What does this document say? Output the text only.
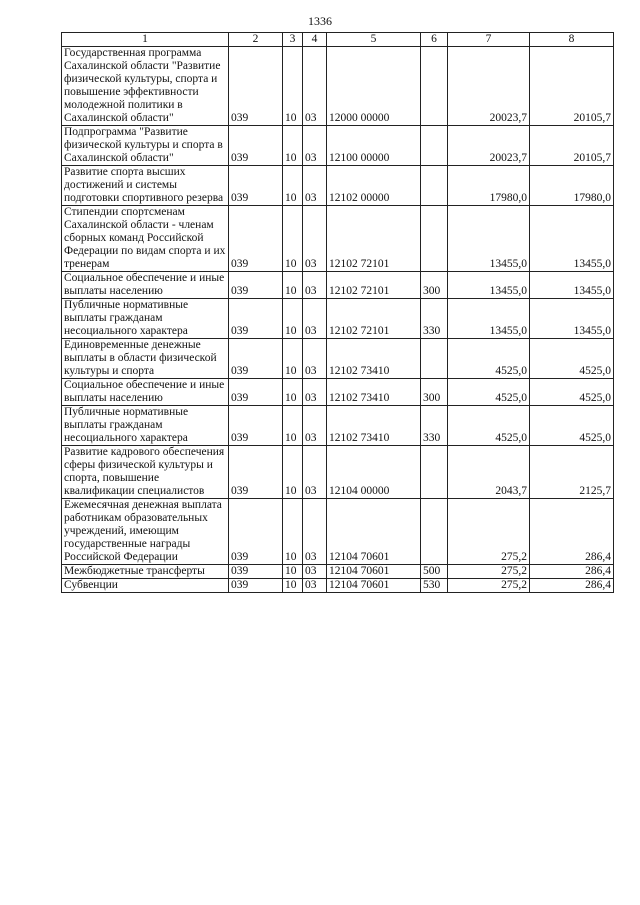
1336
1	2	3	4	5	6	7	8
Государственная программа Сахалинской области "Развитие физической культуры, спорта и повышение эффективности молодежной политики в Сахалинской области"	039	10	03	12000 00000		20023,7	20105,7
Подпрограмма "Развитие физической культуры и спорта в Сахалинской области"	039	10	03	12100 00000		20023,7	20105,7
Развитие спорта высших достижений и системы подготовки спортивного резерва	039	10	03	12102 00000		17980,0	17980,0
Стипендии спортсменам Сахалинской области - членам сборных команд Российской Федерации по видам спорта и их тренерам	039	10	03	12102 72101		13455,0	13455,0
Социальное обеспечение и иные выплаты населению	039	10	03	12102 72101	300	13455,0	13455,0
Публичные нормативные выплаты гражданам несоциального характера	039	10	03	12102 72101	330	13455,0	13455,0
Единовременные денежные выплаты в области физической культуры и спорта	039	10	03	12102 73410		4525,0	4525,0
Социальное обеспечение и иные выплаты населению	039	10	03	12102 73410	300	4525,0	4525,0
Публичные нормативные выплаты гражданам несоциального характера	039	10	03	12102 73410	330	4525,0	4525,0
Развитие кадрового обеспечения сферы физической культуры и спорта, повышение квалификации специалистов	039	10	03	12104 00000		2043,7	2125,7
Ежемесячная денежная выплата работникам образовательных учреждений, имеющим государственные награды Российской Федерации	039	10	03	12104 70601		275,2	286,4
Межбюджетные трансферты	039	10	03	12104 70601	500	275,2	286,4
Субвенции	039	10	03	12104 70601	530	275,2	286,4
